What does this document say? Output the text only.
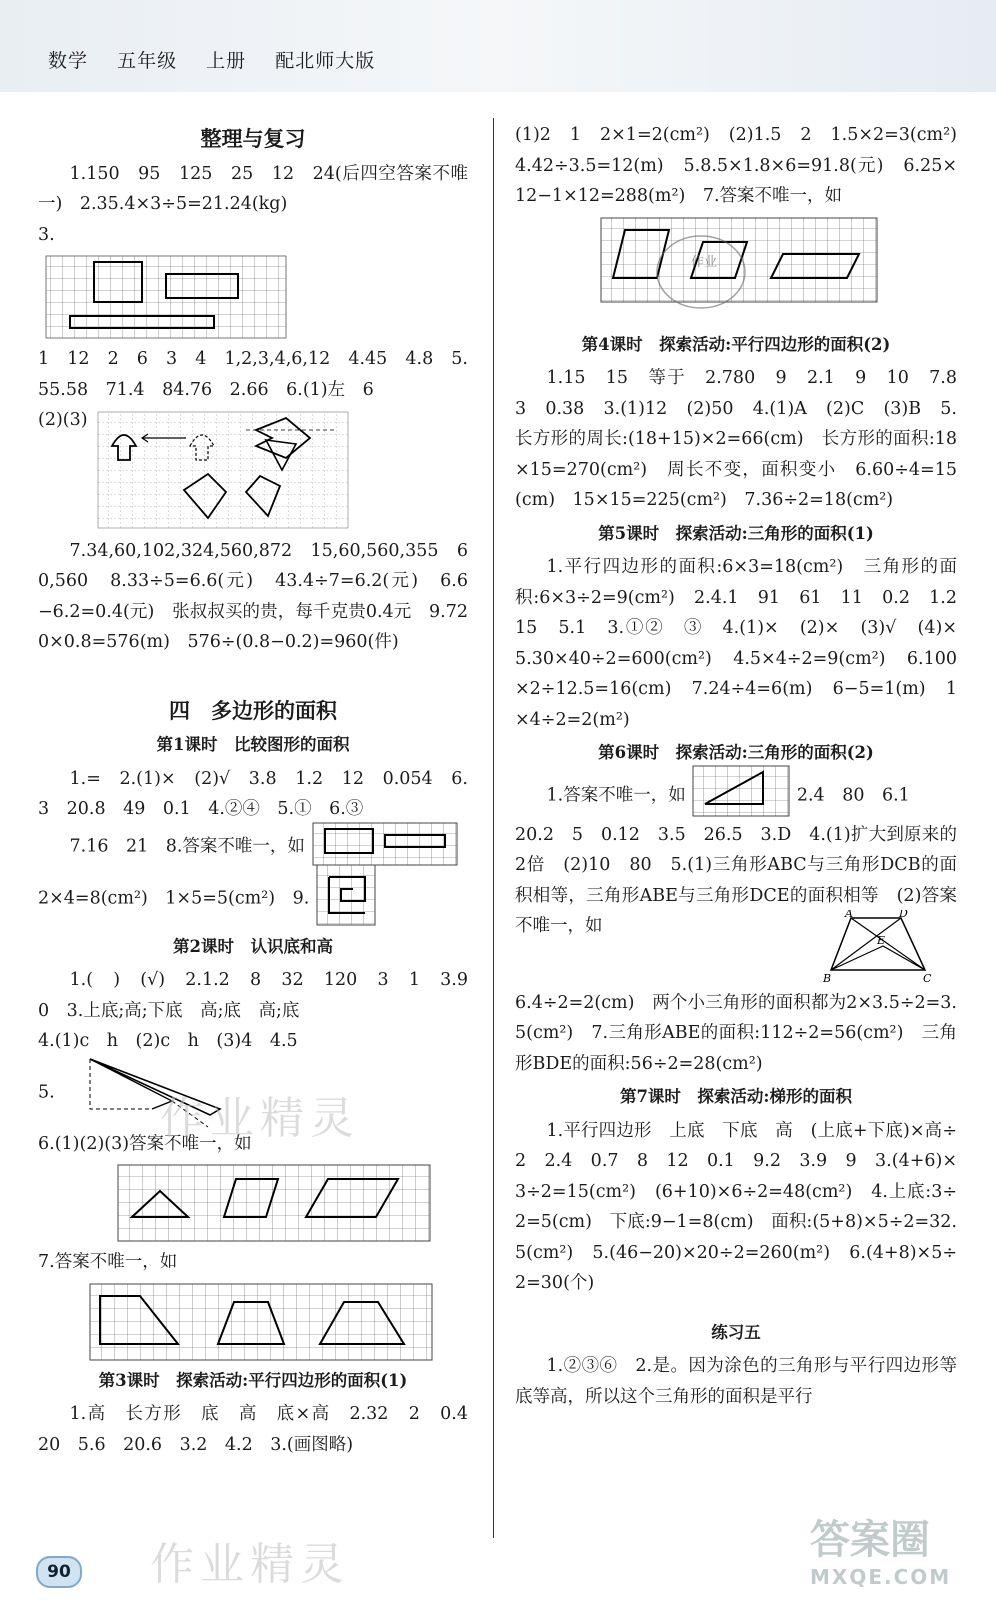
数学 五年级 上册 配北师大版
整理与复习
1.150　95　125　25　12　24(后四空答案不唯一)　2.35.4×3÷5=21.24(kg)
3.
1　12　2　6　3　4　1,2,3,4,6,12　4.45　4.8　5.55.58　71.4　84.76　2.66　6.(1)左　6
(2)(3)
7.34,60,102,324,560,872　15,60,560,355　60,560　8.33÷5=6.6(元)　43.4÷7=6.2(元)　6.6−6.2=0.4(元)　张叔叔买的贵，每千克贵0.4元　9.720×0.8=576(m)　576÷(0.8−0.2)=960(件)
四　多边形的面积
第1课时　比较图形的面积
1.=　2.(1)×　(2)√　3.8　1.2　12　0.054　6.3　20.8　49　0.1　4.②④　5.①　6.③
7.16　21　8.答案不唯一，如
2×4=8(cm²)　1×5=5(cm²)　9.
第2课时　认识底和高
1.(　)　(√)　2.1.2　8　32　120　3　1　3.9　0　3.上底;高;下底　高;底　高;底
4.(1)c　h　(2)c　h　(3)4　4.5
5.
6.(1)(2)(3)答案不唯一，如
7.答案不唯一，如
第3课时　探索活动:平行四边形的面积(1)
1.高　长方形　底　高　底×高　2.32　2　0.4　20　5.6　20.6　3.2　4.2　3.(画图略)
(1)2　1　2×1=2(cm²)　(2)1.5　2　1.5×2=3(cm²)　4.42÷3.5=12(m)　5.8.5×1.8×6=91.8(元)　6.25×12−1×12=288(m²)　7.答案不唯一，如
作业
第4课时　探索活动:平行四边形的面积(2)
1.15　15　等于　2.780　9　2.1　9　10　7.8　3　0.38　3.(1)12　(2)50　4.(1)A　(2)C　(3)B　5.长方形的周长:(18+15)×2=66(cm)　长方形的面积:18×15=270(cm²)　周长不变，面积变小　6.60÷4=15(cm)　15×15=225(cm²)　7.36÷2=18(cm²)
第5课时　探索活动:三角形的面积(1)
1.平行四边形的面积:6×3=18(cm²)　三角形的面积:6×3÷2=9(cm²)　2.4.1　91　61　11　0.2　1.2　15　5.1　3.①②　③　4.(1)×　(2)×　(3)√　(4)×　5.30×40÷2=600(cm²)　4.5×4÷2=9(cm²)　6.100×2÷12.5=16(cm)　7.24÷4=6(m)　6−5=1(m)　1×4÷2=2(m²)
第6课时　探索活动:三角形的面积(2)
1.答案不唯一，如	2.4　80　6.1
20.2　5　0.12　3.5　26.5　3.D　4.(1)扩大到原来的2倍　(2)10　80　5.(1)三角形ABC与三角形DCB的面积相等，三角形ABE与三角形DCE的面积相等　(2)答案不唯一，如
A	D
B	C
E
6.4÷2=2(cm)　两个小三角形的面积都为2×3.5÷2=3.5(cm²)　7.三角形ABE的面积:112÷2=56(cm²)　三角形BDE的面积:56÷2=28(cm²)
第7课时　探索活动:梯形的面积
1.平行四边形　上底　下底　高　(上底+下底)×高÷2　2.4　0.7　8　12　0.1　9.2　3.9　9　3.(4+6)×3÷2=15(cm²)　(6+10)×6÷2=48(cm²)　4.上底:3÷2=5(cm)　下底:9−1=8(cm)　面积:(5+8)×5÷2=32.5(cm²)　5.(46−20)×20÷2=260(m²)　6.(4+8)×5÷2=30(个)
练习五
1.②③⑥　2.是。因为涂色的三角形与平行四边形等底等高，所以这个三角形的面积是平行
作业精灵
作业精灵	答案圈
MXQE.COM
90
